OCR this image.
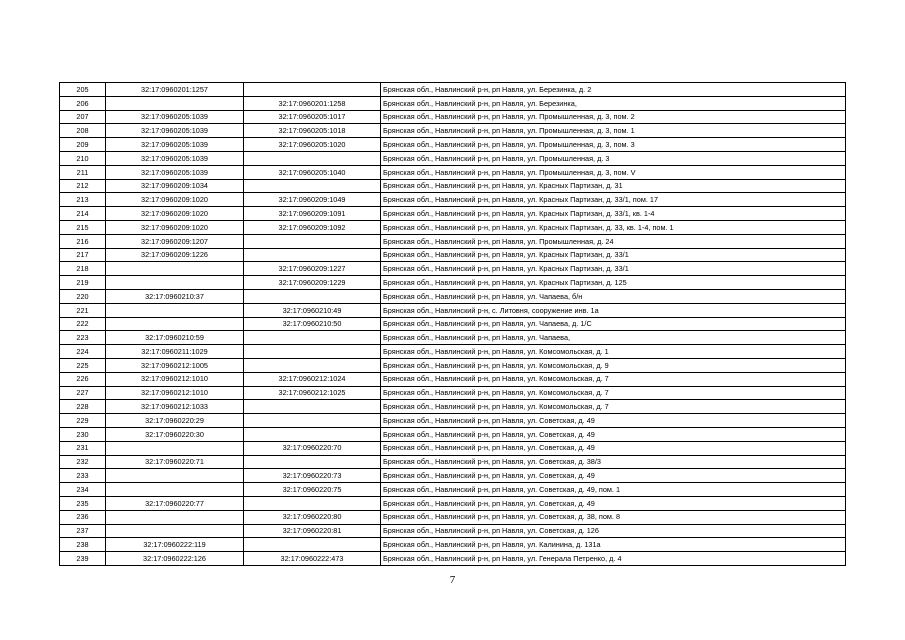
205	32:17:0960201:1257		Брянская обл., Навлинский р-н, рп Навля, ул. Березинка, д. 2
206		32:17:0960201:1258	Брянская обл., Навлинский р-н, рп Навля, ул. Березинка,
207	32:17:0960205:1039	32:17:0960205:1017	Брянская обл., Навлинский р-н, рп Навля, ул. Промышленная, д. 3, пом. 2
208	32:17:0960205:1039	32:17:0960205:1018	Брянская обл., Навлинский р-н, рп Навля, ул. Промышленная, д. 3, пом. 1
209	32:17:0960205:1039	32:17:0960205:1020	Брянская обл., Навлинский р-н, рп Навля, ул. Промышленная, д. 3, пом. 3
210	32:17:0960205:1039		Брянская обл., Навлинский р-н, рп Навля, ул. Промышленная, д. 3
211	32:17:0960205:1039	32:17:0960205:1040	Брянская обл., Навлинский р-н, рп Навля, ул. Промышленная, д. 3, пом. V
212	32:17:0960209:1034		Брянская обл., Навлинский р-н, рп Навля, ул. Красных Партизан, д. 31
213	32:17:0960209:1020	32:17:0960209:1049	Брянская обл., Навлинский р-н, рп Навля, ул. Красных Партизан, д. 33/1, пом. 17
214	32:17:0960209:1020	32:17:0960209:1091	Брянская обл., Навлинский р-н, рп Навля, ул. Красных Партизан, д. 33/1, кв. 1-4
215	32:17:0960209:1020	32:17:0960209:1092	Брянская обл., Навлинский р-н, рп Навля, ул. Красных Партизан, д. 33, кв. 1-4, пом. 1
216	32:17:0960209:1207		Брянская обл., Навлинский р-н, рп Навля, ул. Промышленная, д. 24
217	32:17:0960209:1226		Брянская обл., Навлинский р-н, рп Навля, ул. Красных Партизан, д. 33/1
218		32:17:0960209:1227	Брянская обл., Навлинский р-н, рп Навля, ул. Красных Партизан, д. 33/1
219		32:17:0960209:1229	Брянская обл., Навлинский р-н, рп Навля, ул. Красных Партизан, д. 125
220	32:17:0960210:37		Брянская обл., Навлинский р-н, рп Навля, ул. Чапаева, б/н
221		32:17:0960210:49	Брянская обл., Навлинский р-н, с. Литовня, сооружение инв. 1а
222		32:17:0960210:50	Брянская обл., Навлинский р-н, рп Навля, ул. Чапаева, д. 1/С
223	32:17:0960210:59		Брянская обл., Навлинский р-н, рп Навля, ул. Чапаева,
224	32:17:0960211:1029		Брянская обл., Навлинский р-н, рп Навля, ул. Комсомольская, д. 1
225	32:17:0960212:1005		Брянская обл., Навлинский р-н, рп Навля, ул. Комсомольская, д. 9
226	32:17:0960212:1010	32:17:0960212:1024	Брянская обл., Навлинский р-н, рп Навля, ул. Комсомольская, д. 7
227	32:17:0960212:1010	32:17:0960212:1025	Брянская обл., Навлинский р-н, рп Навля, ул. Комсомольская, д. 7
228	32:17:0960212:1033		Брянская обл., Навлинский р-н, рп Навля, ул. Комсомольская, д. 7
229	32:17:0960220:29		Брянская обл., Навлинский р-н, рп Навля, ул. Советская, д. 49
230	32:17:0960220:30		Брянская обл., Навлинский р-н, рп Навля, ул. Советская, д. 49
231		32:17:0960220:70	Брянская обл., Навлинский р-н, рп Навля, ул. Советская, д. 49
232	32:17:0960220:71		Брянская обл., Навлинский р-н, рп Навля, ул. Советская, д. 38/3
233		32:17:0960220:73	Брянская обл., Навлинский р-н, рп Навля, ул. Советская, д. 49
234		32:17:0960220:75	Брянская обл., Навлинский р-н, рп Навля, ул. Советская, д. 49, пом. 1
235	32:17:0960220:77		Брянская обл., Навлинский р-н, рп Навля, ул. Советская, д. 49
236		32:17:0960220:80	Брянская обл., Навлинский р-н, рп Навля, ул. Советская, д. 38, пом. 8
237		32:17:0960220:81	Брянская обл., Навлинский р-н, рп Навля, ул. Советская, д. 126
238	32:17:0960222:119		Брянская обл., Навлинский р-н, рп Навля, ул. Калинина, д. 131а
239	32:17:0960222:126	32:17:0960222:473	Брянская обл., Навлинский р-н, рп Навля, ул. Генерала Петренко, д. 4
7
